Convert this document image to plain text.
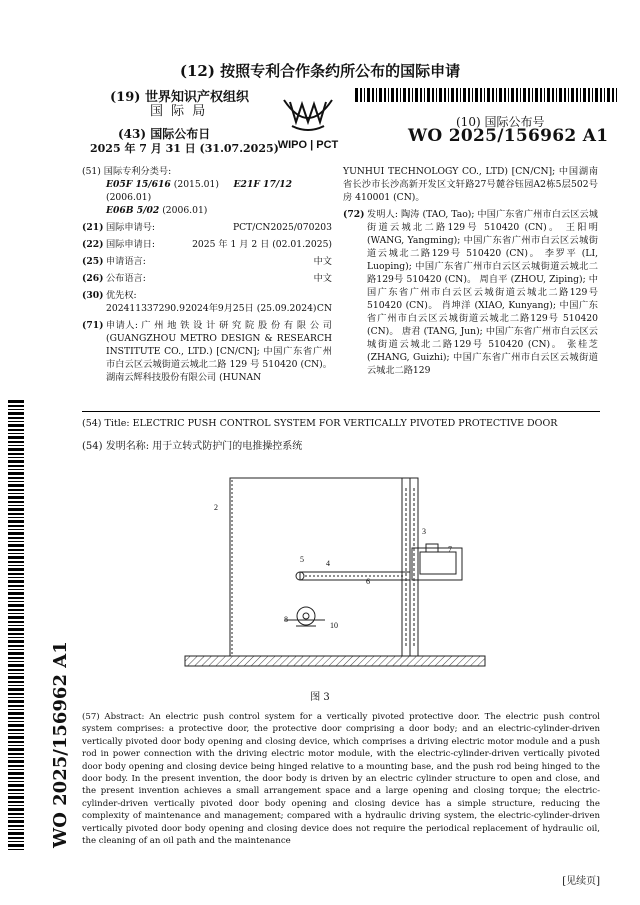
(12) 按照专利合作条约所公布的国际申请
(19) 世界知识产权组织
国 际 局
(43) 国际公布日
2025 年 7 月 31 日 (31.07.2025)
WIPO | PCT
(10) 国际公布号
WO 2025/156962 A1
(51) 国际专利分类号:
E05F 15/616 (2015.01) E21F 17/12 (2006.01)
E06B 5/02 (2006.01)
(21) 国际申请号:	PCT/CN2025/070203
(22) 国际申请日:	2025 年 1 月 2 日 (02.01.2025)
(25) 申请语言:	中文
(26) 公布语言:	中文
(30) 优先权:
202411337290.9 2024年9月25日 (25.09.2024) CN
(71) 申请人: 广 州 地 铁 设 计 研 究 院 股 份 有 限 公 司 (GUANGZHOU METRO DESIGN & RESEARCH INSTITUTE CO., LTD.) [CN/CN]; 中国广东省广州市白云区云城街道云城北二路 129 号 510420 (CN)。 湖南云辉科技股份有限公司 (HUNAN
YUNHUI TECHNOLOGY CO., LTD) [CN/CN]; 中国湖南省长沙市长沙高新开发区文轩路27号麓谷钰园A2栋5层502号房 410001 (CN)。
(72) 发明人: 陶涛 (TAO, Tao); 中国广东省广州市白云区云城街道云城北二路129号 510420 (CN)。 王阳明 (WANG, Yangming); 中国广东省广州市白云区云城街道云城北二路129号 510420 (CN)。 李罗平 (LI, Luoping); 中国广东省广州市白云区云城街道云城北二路129号 510420 (CN)。 周自平 (ZHOU, Ziping); 中国广东省广州市白云区云城街道云城北二路129号 510420 (CN)。 肖坤洋 (XIAO, Kunyang); 中国广东省广州市白云区云城街道云城北二路129号 510420 (CN)。 唐君 (TANG, Jun); 中国广东省广州市白云区云城街道云城北二路129号 510420 (CN)。 张桂芝 (ZHANG, Guizhi); 中国广东省广州市白云区云城街道云城北二路129
(54) Title: ELECTRIC PUSH CONTROL SYSTEM FOR VERTICALLY PIVOTED PROTECTIVE DOOR
(54) 发明名称: 用于立转式防护门的电推操控系统
2
3
4
5
6
7
8
10
图 3
(57) Abstract: An electric push control system for a vertically pivoted protective door. The electric push control system comprises: a protective door, the protective door comprising a door body; and an electric-cylinder-driven vertically pivoted door body opening and closing device, which comprises a driving electric motor module and a push rod in power connection with the driving electric motor module, with the electric-cylinder-driven vertically pivoted door body opening and closing device being hinged relative to a mounting base, and the push rod being hinged to the door body. In the present invention, the door body is driven by an electric cylinder structure to open and close, and the present invention achieves a small arrangement space and a large opening and closing torque; the electric-cylinder-driven vertically pivoted door body opening and closing device has a simple structure, reducing the complexity of maintenance and management; compared with a hydraulic driving system, the electric-cylinder-driven vertically pivoted door body opening and closing device does not require the periodical replacement of hydraulic oil, the cleaning of an oil path and the maintenance
WO 2025/156962 A1
[见续页]
